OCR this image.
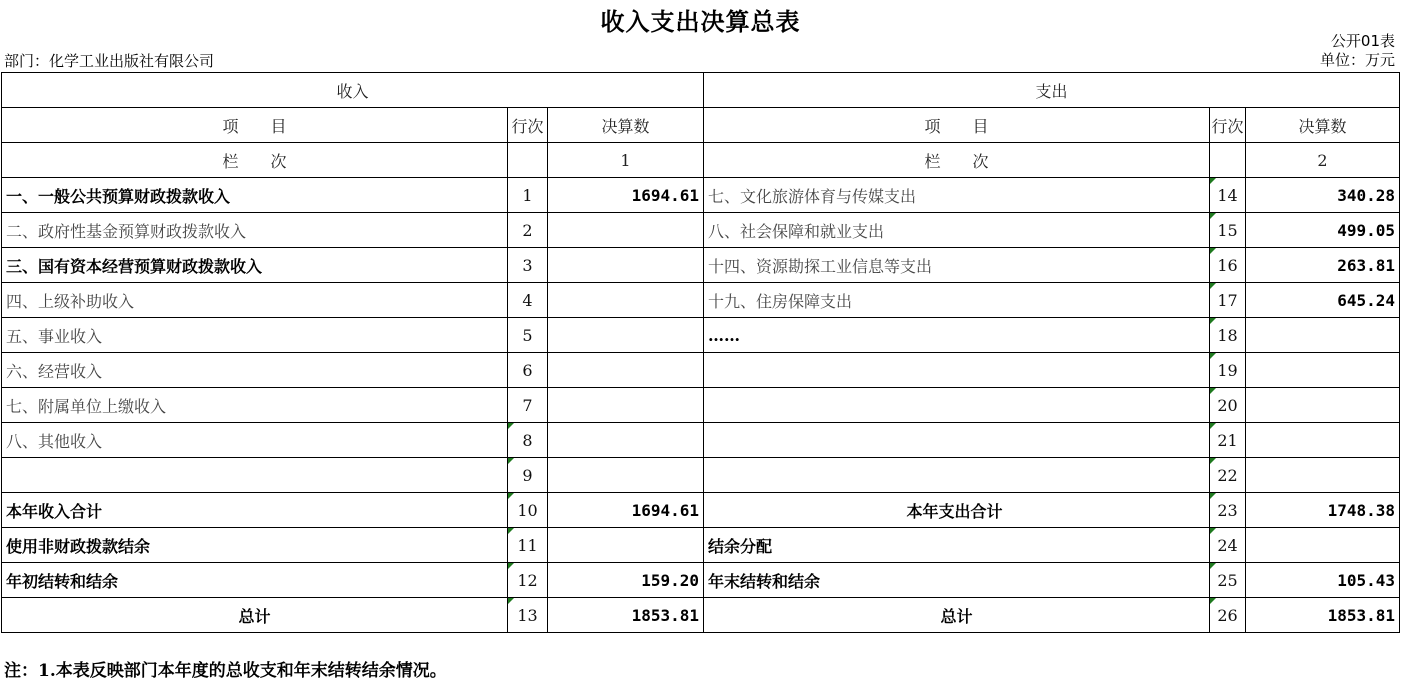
收入支出决算总表
公开01表
部门：化学工业出版社有限公司	单位：万元
收入			支出		
项　　目	行次	决算数	项　　目	行次	决算数
栏　　次		1	栏　　次		2
一、一般公共预算财政拨款收入	1	1694.61	七、文化旅游体育与传媒支出	14	340.28
二、政府性基金预算财政拨款收入	2		八、社会保障和就业支出	15	499.05
三、国有资本经营预算财政拨款收入	3		十四、资源勘探工业信息等支出	16	263.81
四、上级补助收入	4		十九、住房保障支出	17	645.24
五、事业收入	5		……	18	
六、经营收入	6			19	
七、附属单位上缴收入	7			20	
八、其他收入	8			21	
	9			22	
本年收入合计	10	1694.61	本年支出合计	23	1748.38
使用非财政拨款结余	11		结余分配	24	
年初结转和结余	12	159.20	年末结转和结余	25	105.43
总计	13	1853.81	总计	26	1853.81
注：1.本表反映部门本年度的总收支和年末结转结余情况。
